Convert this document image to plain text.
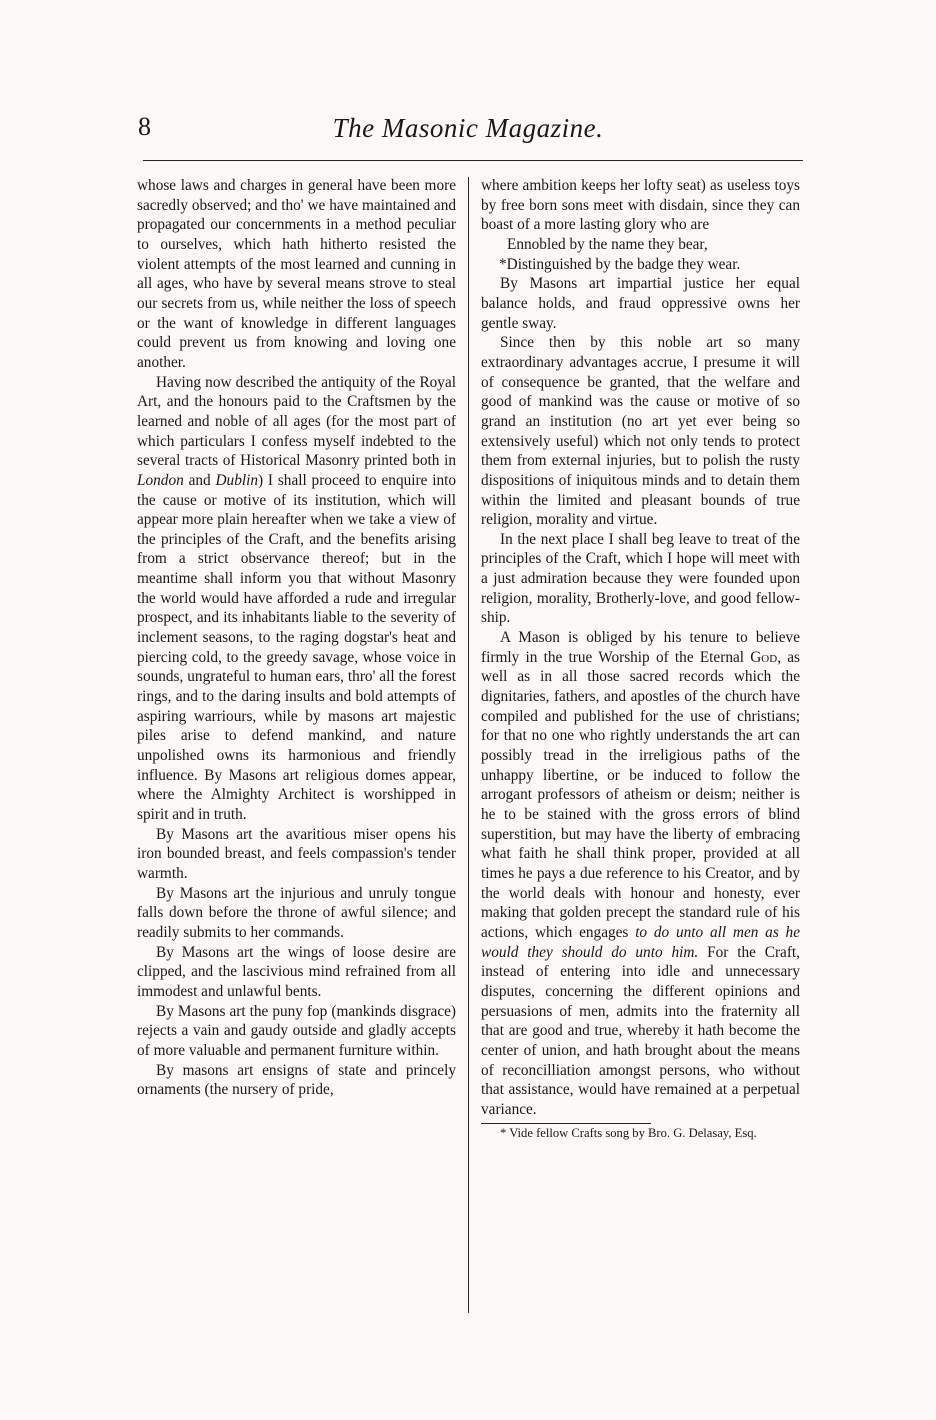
8	The Masonic Magazine.

whose laws and charges in general have been more sacredly observed; and tho' we have maintained and propagated our concernments in a method peculiar to ourselves, which hath hitherto resisted the violent attempts of the most learned and cunning in all ages, who have by several means strove to steal our secrets from us, while neither the loss of speech or the want of knowledge in different languages could prevent us from knowing and loving one another.

Having now described the antiquity of the Royal Art, and the honours paid to the Craftsmen by the learned and noble of all ages (for the most part of which particulars I confess myself indebted to the several tracts of Historical Masonry printed both in London and Dublin) I shall proceed to enquire into the cause or motive of its institution, which will appear more plain hereafter when we take a view of the principles of the Craft, and the benefits arising from a strict observance thereof; but in the meantime shall inform you that without Masonry the world would have afforded a rude and irregular prospect, and its inhabitants liable to the severity of inclement seasons, to the raging dogstar's heat and piercing cold, to the greedy savage, whose voice in sounds, ungrateful to human ears, thro' all the forest rings, and to the daring insults and bold attempts of aspiring warriours, while by masons art majestic piles arise to defend mankind, and nature unpolished owns its harmonious and friendly influence. By Masons art religious domes appear, where the Almighty Architect is worshipped in spirit and in truth.

By Masons art the avaritious miser opens his iron bounded breast, and feels compassion's tender warmth.

By Masons art the injurious and unruly tongue falls down before the throne of awful silence; and readily submits to her commands.

By Masons art the wings of loose desire are clipped, and the lascivious mind refrained from all immodest and unlawful bents.

By Masons art the puny fop (mankinds disgrace) rejects a vain and gaudy outside and gladly accepts of more valuable and permanent furniture within.

By masons art ensigns of state and princely ornaments (the nursery of pride,

where ambition keeps her lofty seat) as useless toys by free born sons meet with disdain, since they can boast of a more lasting glory who are

Ennobled by the name they bear,

*Distinguished by the badge they wear.

By Masons art impartial justice her equal balance holds, and fraud oppressive owns her gentle sway.

Since then by this noble art so many extraordinary advantages accrue, I presume it will of consequence be granted, that the welfare and good of mankind was the cause or motive of so grand an institution (no art yet ever being so extensively useful) which not only tends to protect them from external injuries, but to polish the rusty dispositions of iniquitous minds and to detain them within the limited and pleasant bounds of true religion, morality and virtue.

In the next place I shall beg leave to treat of the principles of the Craft, which I hope will meet with a just admiration because they were founded upon religion, morality, Brotherly-love, and good fellowship.

A Mason is obliged by his tenure to believe firmly in the true Worship of the Eternal God, as well as in all those sacred records which the dignitaries, fathers, and apostles of the church have compiled and published for the use of christians; for that no one who rightly understands the art can possibly tread in the irreligious paths of the unhappy libertine, or be induced to follow the arrogant professors of atheism or deism; neither is he to be stained with the gross errors of blind superstition, but may have the liberty of embracing what faith he shall think proper, provided at all times he pays a due reference to his Creator, and by the world deals with honour and honesty, ever making that golden precept the standard rule of his actions, which engages to do unto all men as he would they should do unto him. For the Craft, instead of entering into idle and unnecessary disputes, concerning the different opinions and persuasions of men, admits into the fraternity all that are good and true, whereby it hath become the center of union, and hath brought about the means of reconcilliation amongst persons, who without that assistance, would have remained at a perpetual variance.

* Vide fellow Crafts song by Bro. G. Delasay, Esq.
